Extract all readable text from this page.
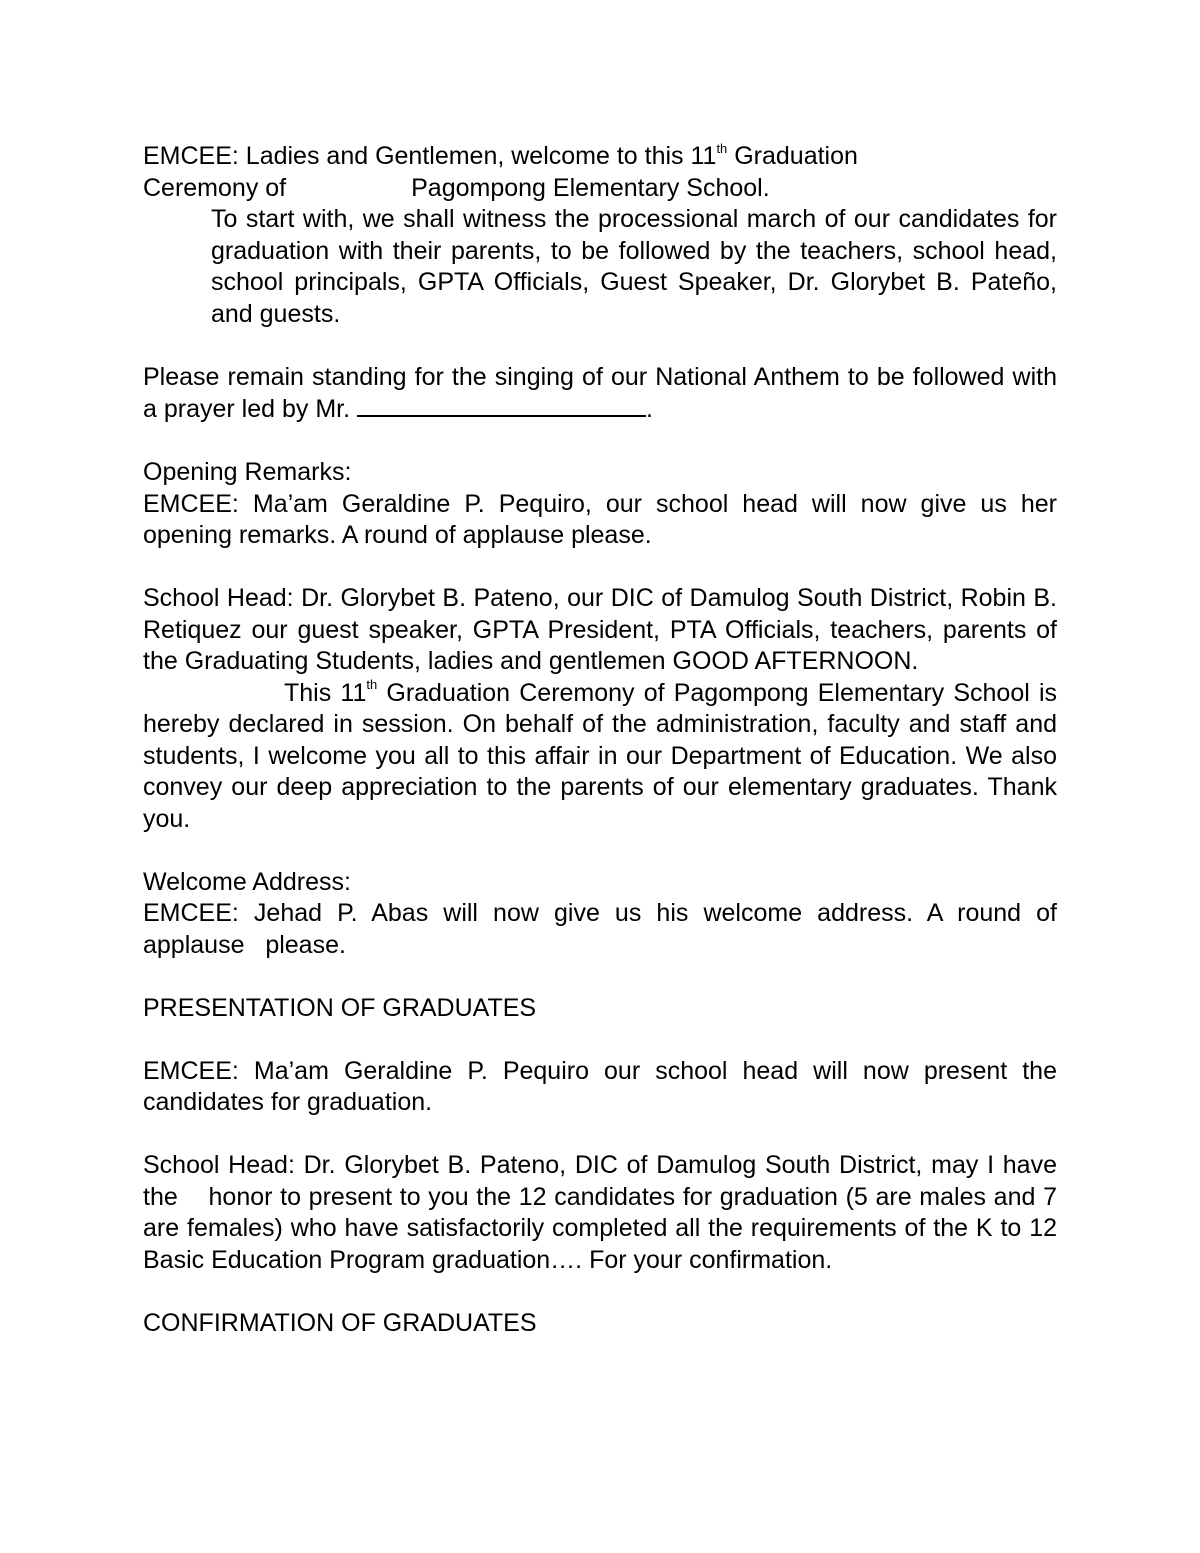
EMCEE: Ladies and Gentlemen, welcome to this 11th Graduation
Ceremony of	Pagompong Elementary School.

To start with, we shall witness the processional march of our candidates for graduation with their parents, to be followed by the teachers, school head, school principals, GPTA Officials, Guest Speaker, Dr. Glorybet B. Pateño, and guests.

Please remain standing for the singing of our National Anthem to be followed with a prayer led by Mr.	.

Opening Remarks:

EMCEE: Ma’am Geraldine P. Pequiro, our school head will now give us her opening remarks. A round of applause please.

School Head: Dr. Glorybet B. Pateno, our DIC of Damulog South District, Robin B.   Retiquez our guest speaker, GPTA President, PTA Officials, teachers, parents of   the Graduating Students, ladies and gentlemen GOOD AFTERNOON.

This 11th Graduation Ceremony of Pagompong Elementary School is   hereby declared in session. On behalf of the administration, faculty and staff and   students, I welcome you all to this affair in our Department of Education. We also        convey our deep appreciation to the parents of our elementary graduates. Thank        you.

Welcome Address:

EMCEE: Jehad P. Abas will now give us his welcome address. A round of applause   please.

PRESENTATION OF GRADUATES

EMCEE: Ma’am Geraldine P. Pequiro our school head will now present the candidates for graduation.

School Head: Dr. Glorybet B. Pateno, DIC of Damulog South District, may I have the    honor to present to you the 12 candidates for graduation (5 are males and 7 are females) who have satisfactorily completed all the requirements of the K to 12  Basic Education Program graduation…. For your confirmation.

CONFIRMATION OF GRADUATES
